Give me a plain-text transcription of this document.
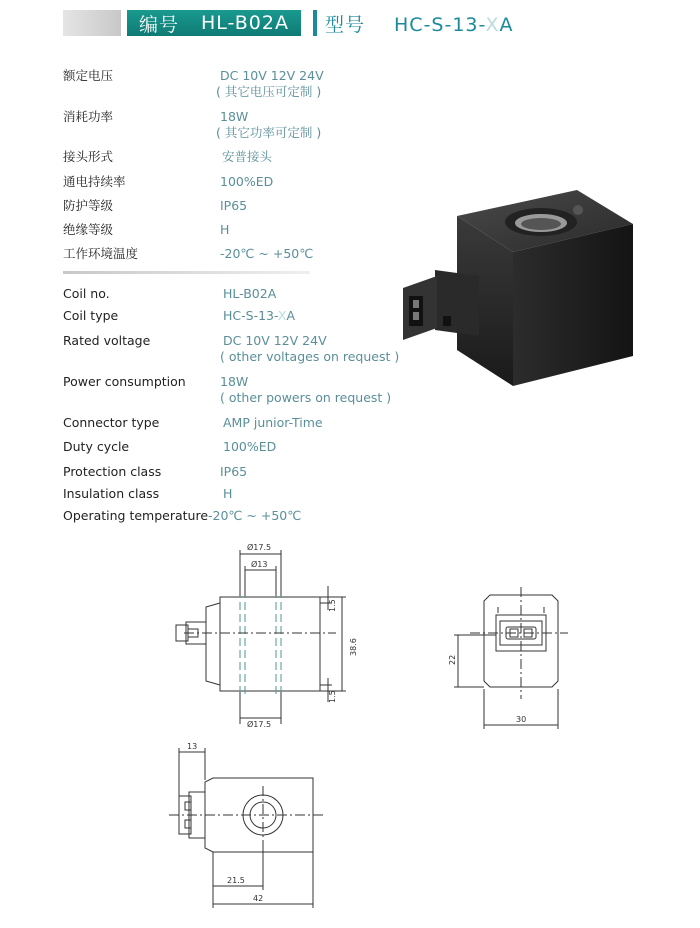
编号 HL-B02A 型号 HC-S-13-XA
额定电压	DC 10V 12V 24V
( 其它电压可定制 )
消耗功率	18W
( 其它功率可定制 )
接头形式	安普接头
通电持续率	100%ED
防护等级	IP65
绝缘等级	H
工作环境温度	-20℃ ~ +50℃
Coil no.	HL-B02A
Coil type	HC-S-13-XA
Rated voltage	DC 10V 12V 24V
( other voltages on request )
Power consumption	18W
( other powers on request )
Connector type	AMP junior-Time
Duty cycle	100%ED
Protection class	IP65
Insulation class	H
Operating temperature -20℃ ~ +50℃
Ø17.5
Ø13
Ø17.5
38.6
1.5
1.5
22
30
13
21.5
42
